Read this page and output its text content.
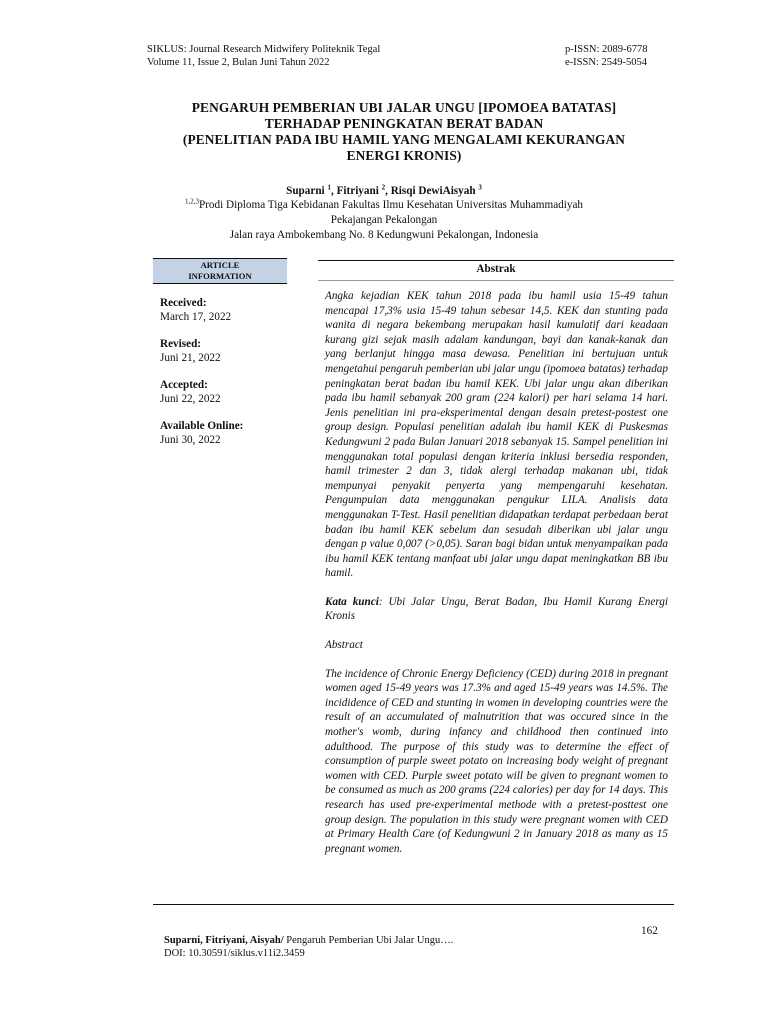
SIKLUS: Journal Research Midwifery Politeknik Tegal
Volume 11, Issue 2, Bulan Juni Tahun 2022
p-ISSN: 2089-6778
e-ISSN: 2549-5054
PENGARUH PEMBERIAN UBI JALAR UNGU [IPOMOEA BATATAS]
TERHADAP PENINGKATAN BERAT BADAN
(PENELITIAN PADA IBU HAMIL YANG MENGALAMI KEKURANGAN
ENERGI KRONIS)
Suparni $^1$, Fitriyani $^2$, Risqi DewiAisyah $^3$
$^{1,2,3}$Prodi Diploma Tiga Kebidanan Fakultas Ilmu Kesehatan Universitas Muhammadiyah
Pekajangan Pekalongan
Jalan raya Ambokembang No. 8 Kedungwuni Pekalongan, Indonesia
ARTICLE
INFORMATION
Received:
March 17, 2022
Revised:
Juni 21, 2022
Accepted:
Juni 22, 2022
Available Online:
Juni 30, 2022
Abstrak

Angka kejadian KEK tahun 2018 pada ibu hamil usia 15-49 tahun mencapai 17,3% usia 15-49 tahun sebesar 14,5. KEK dan stunting pada wanita di negara bekembang merupakan hasil kumulatif dari keadaan kurang gizi sejak masih adalam kandungan, bayi dan kanak-kanak dan yang berlanjut hingga masa dewasa. Penelitian ini bertujuan untuk mengetahui pengaruh pemberian ubi jalar ungu (ipomoea batatas) terhadap peningkatan berat badan ibu hamil KEK. Ubi jalar ungu akan diberikan pada ibu hamil sebanyak 200 gram (224 kalori) per hari selama 14 hari. Jenis penelitian ini pra-eksperimental dengan desain pretest-postest one group design. Populasi penelitian adalah ibu hamil KEK di Puskesmas Kedungwuni 2 pada Bulan Januari 2018 sebanyak 15. Sampel penelitian ini menggunakan total populasi dengan kriteria inklusi bersedia responden, hamil trimester 2 dan 3, tidak alergi terhadap makanan ubi, tidak mempunyai penyakit penyerta yang mempengaruhi kesehatan. Pengumpulan data menggunakan pengukur LILA. Analisis data menggunakan T-Test. Hasil penelitian didapatkan terdapat perbedaan berat badan ibu hamil KEK sebelum dan sesudah diberikan ubi jalar ungu dengan p value 0,007 (>0,05). Saran bagi bidan untuk menyampaikan pada ibu hamil KEK tentang manfaat ubi jalar ungu dapat meningkatkan BB ibu hamil.

Kata kunci: Ubi Jalar Ungu, Berat Badan, Ibu Hamil Kurang Energi Kronis

Abstract

The incidence of Chronic Energy Deficiency (CED) during 2018 in pregnant women aged 15-49 years was 17.3% and aged 15-49 years was 14.5%. The incididence of CED and stunting in women in developing countries were the result of an accumulated of malnutrition that was occured since in the mother's womb, during infancy and childhood then continued into adulthood. The purpose of this study was to determine the effect of consumption of purple sweet potato on increasing body weight of pregnant women with CED. Purple sweet potato will be given to pregnant women to be consumed as much as 200 grams (224 calories) per day for 14 days. This research has used pre-experimental methode with a pretest-posttest one group design. The population in this study were pregnant women with CED at Primary Health Care (of Kedungwuni 2 in January 2018 as many as 15 pregnant women.

162
Suparni, Fitriyani, Aisyah/ Pengaruh Pemberian Ubi Jalar Ungu….
DOI: 10.30591/siklus.v11i2.3459
